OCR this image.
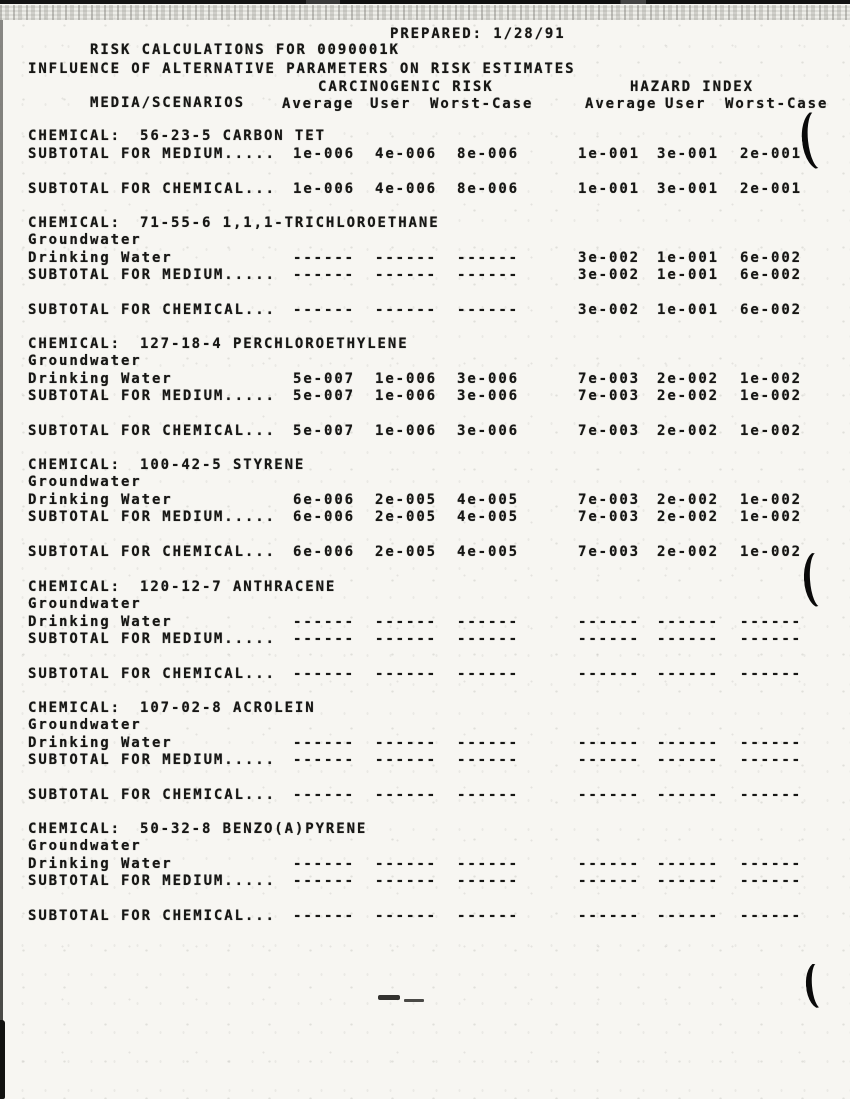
RISK CALCULATIONS FOR 0090001K

PREPARED: 1/28/91

INFLUENCE OF ALTERNATIVE PARAMETERS ON RISK ESTIMATES

MEDIA/SCENARIOS

CARCINOGENIC RISK

	HAZARD INDEX

Average User Worst-Case	Average User Worst-Case
CHEMICAL: 56-23-5 CARBON TET
SUBTOTAL FOR MEDIUM..... 1e-006 4e-006 8e-006	1e-001 3e-001 2e-001
SUBTOTAL FOR CHEMICAL... 1e-006 4e-006 8e-006	1e-001 3e-001 2e-001
CHEMICAL: 71-55-6 1,1,1-TRICHLOROETHANE
Groundwater
Drinking Water	------ ------ ------	3e-002 1e-001 6e-002
SUBTOTAL FOR MEDIUM..... ------ ------ ------	3e-002 1e-001 6e-002
SUBTOTAL FOR CHEMICAL... ------ ------ ------	3e-002 1e-001 6e-002
CHEMICAL: 127-18-4 PERCHLOROETHYLENE
Groundwater
Drinking Water	5e-007 1e-006 3e-006	7e-003 2e-002 1e-002
SUBTOTAL FOR MEDIUM..... 5e-007 1e-006 3e-006	7e-003 2e-002 1e-002
SUBTOTAL FOR CHEMICAL... 5e-007 1e-006 3e-006	7e-003 2e-002 1e-002
CHEMICAL: 100-42-5 STYRENE
Groundwater
Drinking Water	6e-006 2e-005 4e-005	7e-003 2e-002 1e-002
SUBTOTAL FOR MEDIUM..... 6e-006 2e-005 4e-005	7e-003 2e-002 1e-002
SUBTOTAL FOR CHEMICAL... 6e-006 2e-005 4e-005	7e-003 2e-002 1e-002
CHEMICAL: 120-12-7 ANTHRACENE
Groundwater
Drinking Water	------ ------ ------	------ ------ ------
SUBTOTAL FOR MEDIUM..... ------ ------ ------	------ ------ ------
SUBTOTAL FOR CHEMICAL... ------ ------ ------	------ ------ ------
CHEMICAL: 107-02-8 ACROLEIN
Groundwater
Drinking Water	------ ------ ------	------ ------ ------
SUBTOTAL FOR MEDIUM..... ------ ------ ------	------ ------ ------
SUBTOTAL FOR CHEMICAL... ------ ------ ------	------ ------ ------
CHEMICAL: 50-32-8 BENZO(A)PYRENE
Groundwater
Drinking Water	------ ------ ------	------ ------ ------
SUBTOTAL FOR MEDIUM..... ------ ------ ------	------ ------ ------
SUBTOTAL FOR CHEMICAL... ------ ------ ------	------ ------ ------
